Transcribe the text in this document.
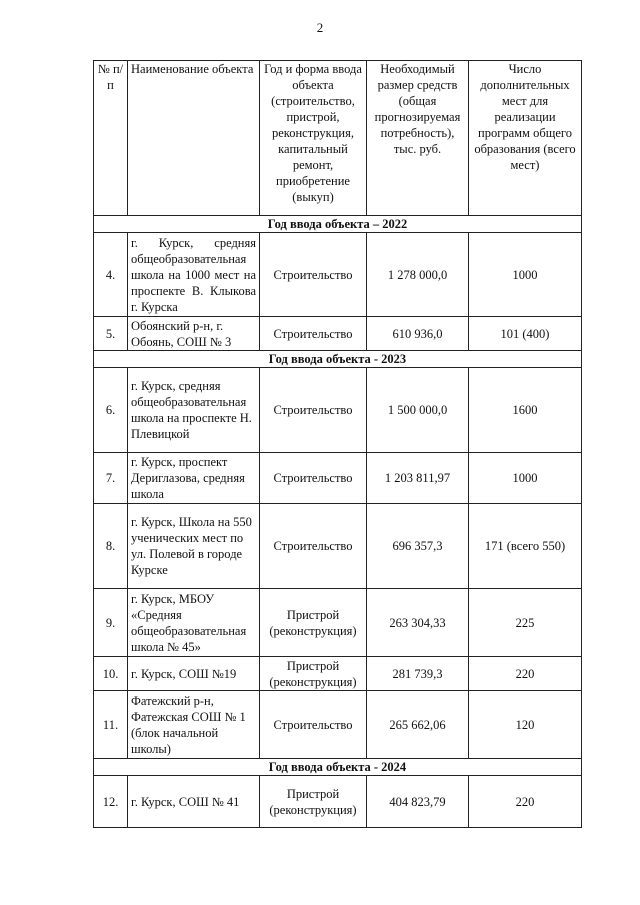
2
№ п/п	Наименование объекта	Год и форма ввода объекта (строительство, пристрой, реконструкция, капитальный ремонт, приобретение (выкуп)	Необходимый размер средств (общая прогнозируемая потребность), тыс. руб.	Число дополнительных мест для реализации программ общего образования (всего мест)
Год ввода объекта – 2022				
4.	г. Курск, средняя общеобразовательная школа на 1000 мест на проспекте В. Клыкова г. Курска	Строительство	1 278 000,0	1000
5.	Обоянский р-н, г. Обоянь, СОШ № 3	Строительство	610 936,0	101 (400)
Год ввода объекта - 2023				
6.	г. Курск, средняя общеобразовательная школа на проспекте Н. Плевицкой	Строительство	1 500 000,0	1600
7.	г. Курск, проспект Дериглазова, средняя школа	Строительство	1 203 811,97	1000
8.	г. Курск, Школа на 550 ученических мест по ул. Полевой в городе Курске	Строительство	696 357,3	171 (всего 550)
9.	г. Курск, МБОУ «Средняя общеобразовательная школа № 45»	Пристрой (реконструкция)	263 304,33	225
10.	г. Курск, СОШ №19	Пристрой (реконструкция)	281 739,3	220
11.	Фатежский р-н, Фатежская СОШ № 1 (блок начальной школы)	Строительство	265 662,06	120
Год ввода объекта - 2024				
12.	г. Курск, СОШ № 41	Пристрой (реконструкция)	404 823,79	220
